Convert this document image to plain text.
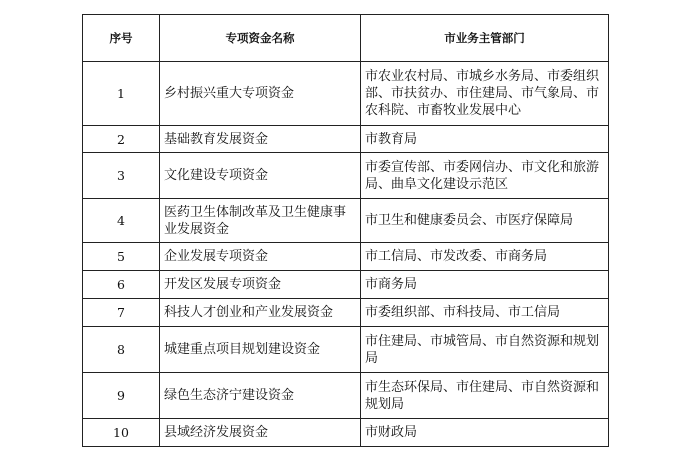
序号	专项资金名称	市业务主管部门
1	乡村振兴重大专项资金	市农业农村局、市城乡水务局、市委组织部、市扶贫办、市住建局、市气象局、市农科院、市畜牧业发展中心
2	基础教育发展资金	市教育局
3	文化建设专项资金	市委宣传部、市委网信办、市文化和旅游局、曲阜文化建设示范区
4	医药卫生体制改革及卫生健康事业发展资金	市卫生和健康委员会、市医疗保障局
5	企业发展专项资金	市工信局、市发改委、市商务局
6	开发区发展专项资金	市商务局
7	科技人才创业和产业发展资金	市委组织部、市科技局、市工信局
8	城建重点项目规划建设资金	市住建局、市城管局、市自然资源和规划局
9	绿色生态济宁建设资金	市生态环保局、市住建局、市自然资源和规划局
10	县域经济发展资金	市财政局
